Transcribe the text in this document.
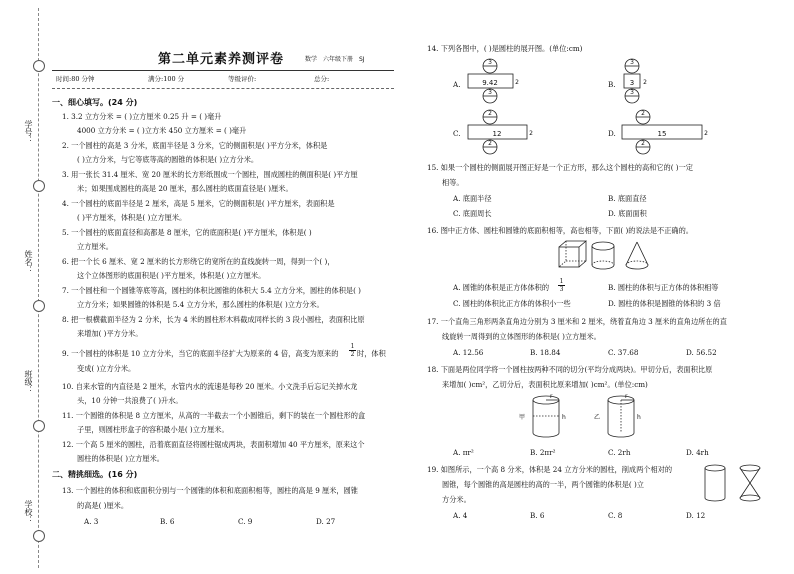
学号：
姓名：
班级：
学校：
第二单元素养测评卷	数学　六年级下册　SJ
时间:80 分钟	满分:100 分	等级评价:	总分:
一、细心填写。(24 分)
1. 3.2 立方分米 = ( )立方厘米 0.25 升 = ( )毫升
4000 立方分米 = ( )立方米 450 立方厘米 = ( )毫升
2. 一个圆柱的高是 3 分米，底面半径是 3 分米，它的侧面积是( )平方分米，体积是
( )立方分米，与它等底等高的圆锥的体积是( )立方分米。
3. 用一张长 31.4 厘米、宽 20 厘米的长方形纸围成一个圆柱，围成圆柱的侧面积是( )平方厘
米；如果围成圆柱的高是 20 厘米，那么圆柱的底面直径是( )厘米。
4. 一个圆柱的底面半径是 2 厘米，高是 5 厘米，它的侧面积是( )平方厘米，表面积是
( )平方厘米，体积是( )立方厘米。
5. 一个圆柱的底面直径和高都是 8 厘米，它的底面积是( )平方厘米，体积是( )
立方厘米。
6. 把一个长 6 厘米、宽 2 厘米的长方形绕它的宽所在的直线旋转一周，得到一个( )，
这个立体图形的底面积是( )平方厘米，体积是( )立方厘米。
7. 一个圆柱和一个圆锥等底等高，圆柱的体积比圆锥的体积大 5.4 立方分米，圆柱的体积是( )
立方分米；如果圆锥的体积是 5.4 立方分米，那么圆柱的体积是( )立方分米。
8. 把一根横截面半径为 2 分米，长为 4 米的圆柱形木料截成同样长的 3 段小圆柱，表面积比原
来增加( )平方分米。
9. 一个圆柱的体积是 10 立方分米，当它的底面半径扩大为原来的 4 倍，高变为原来的 $\frac{1}{2}$ 时，体积
变成( )立方分米。
10. 自来水管的内直径是 2 厘米，水管内水的流速是每秒 20 厘米。小文洗手后忘记关掉水龙
头，10 分钟一共浪费了( )升水。
11. 一个圆锥的体积是 8 立方厘米，从高的一半截去一个小圆锥后，剩下的装在一个圆柱形的盒
子里，则圆柱形盒子的容积最小是( )立方厘米。
12. 一个高 5 厘米的圆柱，沿着底面直径将圆柱锯成两块，表面积增加 40 平方厘米，原来这个
圆柱的体积是( )立方厘米。
二、精挑细选。(16 分)
13. 一个圆柱的体积和底面积分别与一个圆锥的体积和底面积相等，圆柱的高是 9 厘米，圆锥
的高是( )厘米。
A. 3	B. 6	C. 9	D. 27
14. 下列各图中，( )是圆柱的展开图。(单位:cm)
A.	B.
C.	D.
3
9.42	2
3
3
3 2
3
2
12	2
2
2
15	2
2
15. 如果一个圆柱的侧面展开图正好是一个正方形，那么这个圆柱的高和它的( )一定
相等。
A. 底面半径	B. 底面直径
C. 底面周长	D. 底面面积
16. 图中正方体、圆柱和圆锥的底面积相等，高也相等，下面( )的说法是不正确的。
A. 圆锥的体积是正方体体积的 $\frac{1}{3}$	B. 圆柱的体积与正方体的体积相等
C. 圆柱的体积比正方体的体积小一些	D. 圆柱的体积是圆锥的体积的 3 倍
17. 一个直角三角形两条直角边分别为 3 厘米和 2 厘米，绕着直角边 3 厘米的直角边所在的直
线旋转一周得到的立体图形的体积是( )立方厘米。
A. 12.56	B. 18.84	C. 37.68	D. 56.52
18. 下面是两位同学将一个圆柱按两种不同的切分(平均分成两块)。甲切分后，表面积比原
来增加( )cm²，乙切分后，表面积比原来增加( )cm²。(单位:cm)
甲
r
h	乙
r
h
A. πr²	B. 2πr²	C. 2rh	D. 4rh
19. 如图所示，一个高 8 分米，体积是 24 立方分米的圆柱，削成两个相对的
圆锥，每个圆锥的高是圆柱的高的一半，两个圆锥的体积是( )立
方分米。
A. 4	B. 6	C. 8	D. 12
